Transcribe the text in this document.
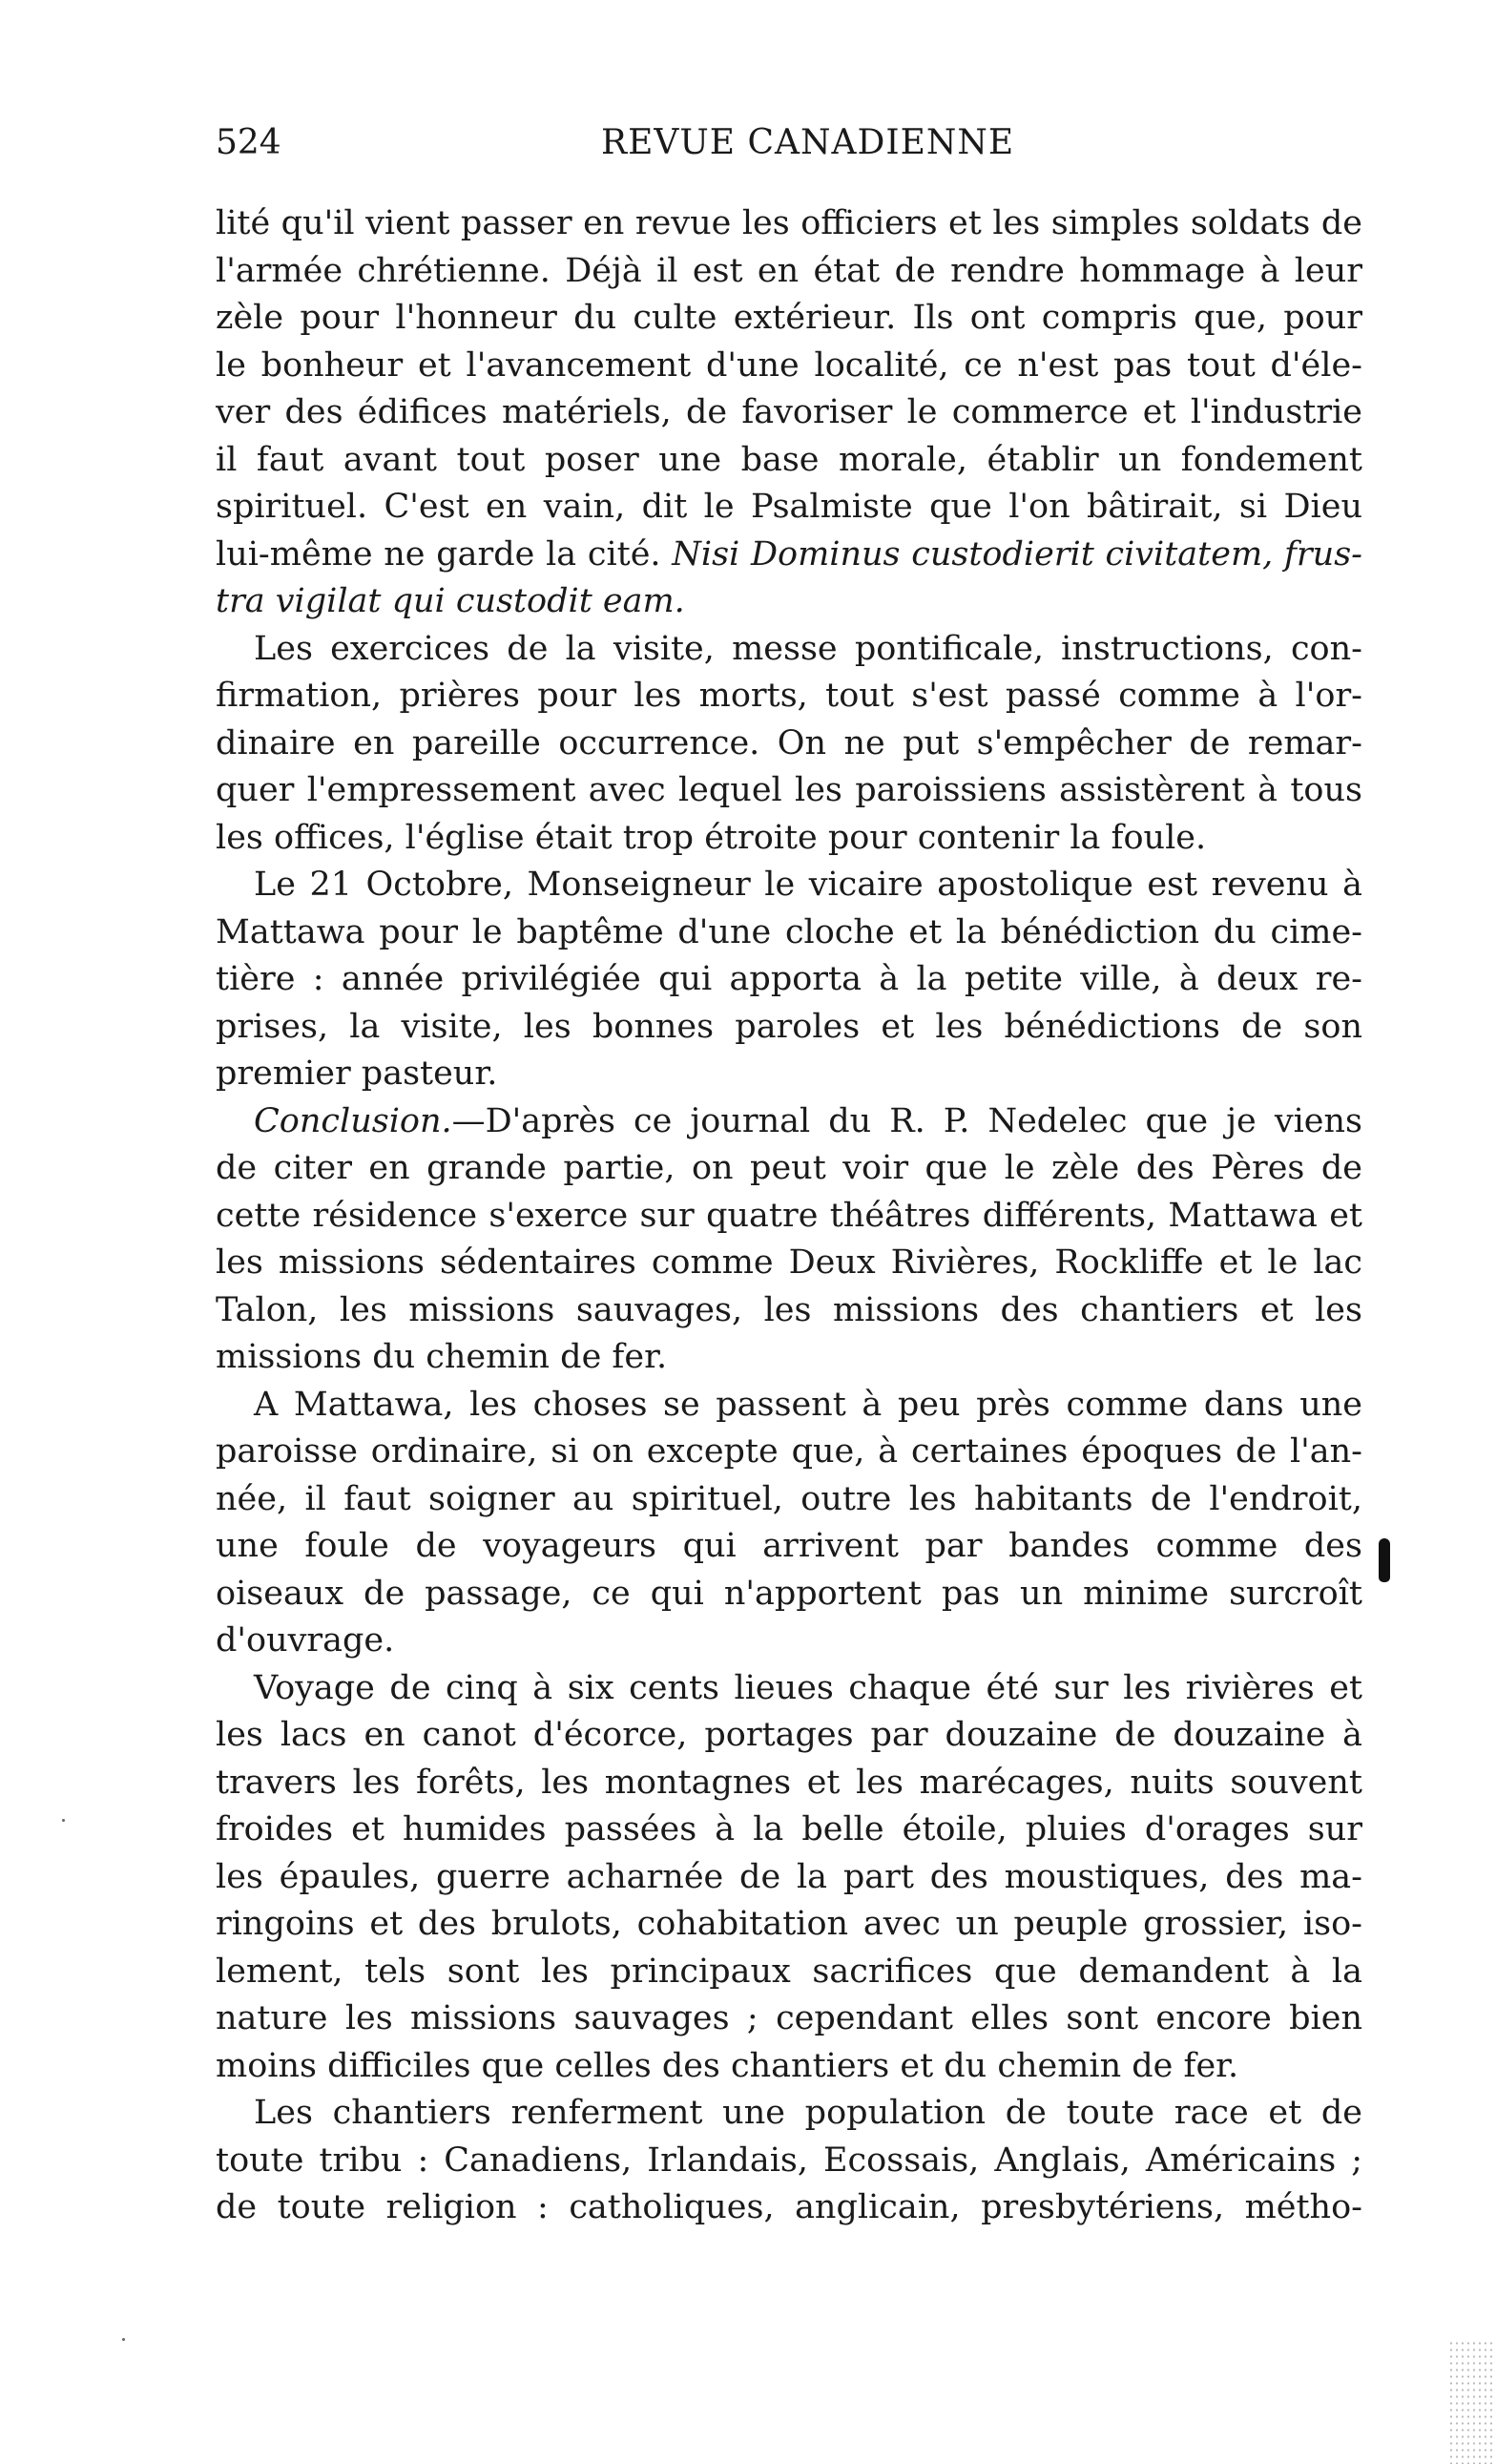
524	REVUE CANADIENNE
lité qu'il vient passer en revue les officiers et les simples soldats de
l'armée chrétienne. Déjà il est en état de rendre hommage à leur
zèle pour l'honneur du culte extérieur. Ils ont compris que, pour
le bonheur et l'avancement d'une localité, ce n'est pas tout d'éle-
ver des édifices matériels, de favoriser le commerce et l'industrie
il faut avant tout poser une base morale, établir un fondement
spirituel. C'est en vain, dit le Psalmiste que l'on bâtirait, si Dieu
lui-même ne garde la cité. Nisi Dominus custodierit civitatem, frus-
tra vigilat qui custodit eam.
Les exercices de la visite, messe pontificale, instructions, con-
firmation, prières pour les morts, tout s'est passé comme à l'or-
dinaire en pareille occurrence. On ne put s'empêcher de remar-
quer l'empressement avec lequel les paroissiens assistèrent à tous
les offices, l'église était trop étroite pour contenir la foule.
Le 21 Octobre, Monseigneur le vicaire apostolique est revenu à
Mattawa pour le baptême d'une cloche et la bénédiction du cime-
tière : année privilégiée qui apporta à la petite ville, à deux re-
prises, la visite, les bonnes paroles et les bénédictions de son
premier pasteur.
Conclusion.—D'après ce journal du R. P. Nedelec que je viens
de citer en grande partie, on peut voir que le zèle des Pères de
cette résidence s'exerce sur quatre théâtres différents, Mattawa et
les missions sédentaires comme Deux Rivières, Rockliffe et le lac
Talon, les missions sauvages, les missions des chantiers et les
missions du chemin de fer.
A Mattawa, les choses se passent à peu près comme dans une
paroisse ordinaire, si on excepte que, à certaines époques de l'an-
née, il faut soigner au spirituel, outre les habitants de l'endroit,
une foule de voyageurs qui arrivent par bandes comme des
oiseaux de passage, ce qui n'apportent pas un minime surcroît
d'ouvrage.
Voyage de cinq à six cents lieues chaque été sur les rivières et
les lacs en canot d'écorce, portages par douzaine de douzaine à
travers les forêts, les montagnes et les marécages, nuits souvent
froides et humides passées à la belle étoile, pluies d'orages sur
les épaules, guerre acharnée de la part des moustiques, des ma-
ringoins et des brulots, cohabitation avec un peuple grossier, iso-
lement, tels sont les principaux sacrifices que demandent à la
nature les missions sauvages ; cependant elles sont encore bien
moins difficiles que celles des chantiers et du chemin de fer.
Les chantiers renferment une population de toute race et de
toute tribu : Canadiens, Irlandais, Ecossais, Anglais, Américains ;
de toute religion : catholiques, anglicain, presbytériens, métho-
